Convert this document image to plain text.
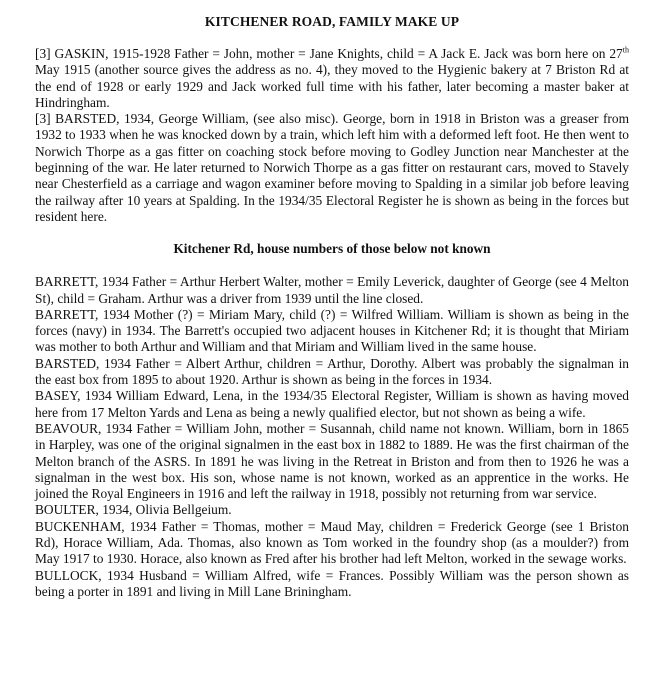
KITCHENER ROAD, FAMILY MAKE UP

[3] GASKIN, 1915-1928 Father = John, mother = Jane Knights, child = A Jack E. Jack was born here on 27th May 1915 (another source gives the address as no. 4), they moved to the Hygienic bakery at 7 Briston Rd at the end of 1928 or early 1929 and Jack worked full time with his father, later becoming a master baker at Hindringham.

[3] BARSTED, 1934, George William, (see also misc). George, born in 1918 in Briston was a greaser from 1932 to 1933 when he was knocked down by a train, which left him with a deformed left foot. He then went to Norwich Thorpe as a gas fitter on coaching stock before moving to Godley Junction near Manchester at the beginning of the war. He later returned to Norwich Thorpe as a gas fitter on restaurant cars, moved to Stavely near Chesterfield as a carriage and wagon examiner before moving to Spalding in a similar job before leaving the railway after 10 years at Spalding. In the 1934/35 Electoral Register he is shown as being in the forces but resident here.

Kitchener Rd, house numbers of those below not known

BARRETT, 1934 Father = Arthur Herbert Walter, mother = Emily Leverick, daughter of George (see 4 Melton St), child = Graham. Arthur was a driver from 1939 until the line closed.

BARRETT, 1934 Mother (?) = Miriam Mary, child (?) = Wilfred William. William is shown as being in the forces (navy) in 1934. The Barrett's occupied two adjacent houses in Kitchener Rd; it is thought that Miriam was mother to both Arthur and William and that Miriam and William lived in the same house.

BARSTED, 1934 Father = Albert Arthur, children = Arthur, Dorothy. Albert was probably the signalman in the east box from 1895 to about 1920. Arthur is shown as being in the forces in 1934.

BASEY, 1934 William Edward, Lena, in the 1934/35 Electoral Register, William is shown as having moved here from 17 Melton Yards and Lena as being a newly qualified elector, but not shown as being a wife.

BEAVOUR, 1934 Father = William John, mother = Susannah, child name not known. William, born in 1865 in Harpley, was one of the original signalmen in the east box in 1882 to 1889. He was the first chairman of the Melton branch of the ASRS. In 1891 he was living in the Retreat in Briston and from then to 1926 he was a signalman in the west box. His son, whose name is not known, worked as an apprentice in the works. He joined the Royal Engineers in 1916 and left the railway in 1918, possibly not returning from war service.

BOULTER, 1934, Olivia Bellgeium.

BUCKENHAM, 1934 Father = Thomas, mother = Maud May, children = Frederick George (see 1 Briston Rd), Horace William, Ada. Thomas, also known as Tom worked in the foundry shop (as a moulder?) from May 1917 to 1930. Horace, also known as Fred after his brother had left Melton, worked in the sewage works.

BULLOCK, 1934 Husband = William Alfred, wife = Frances. Possibly William was the person shown as being a porter in 1891 and living in Mill Lane Briningham.
